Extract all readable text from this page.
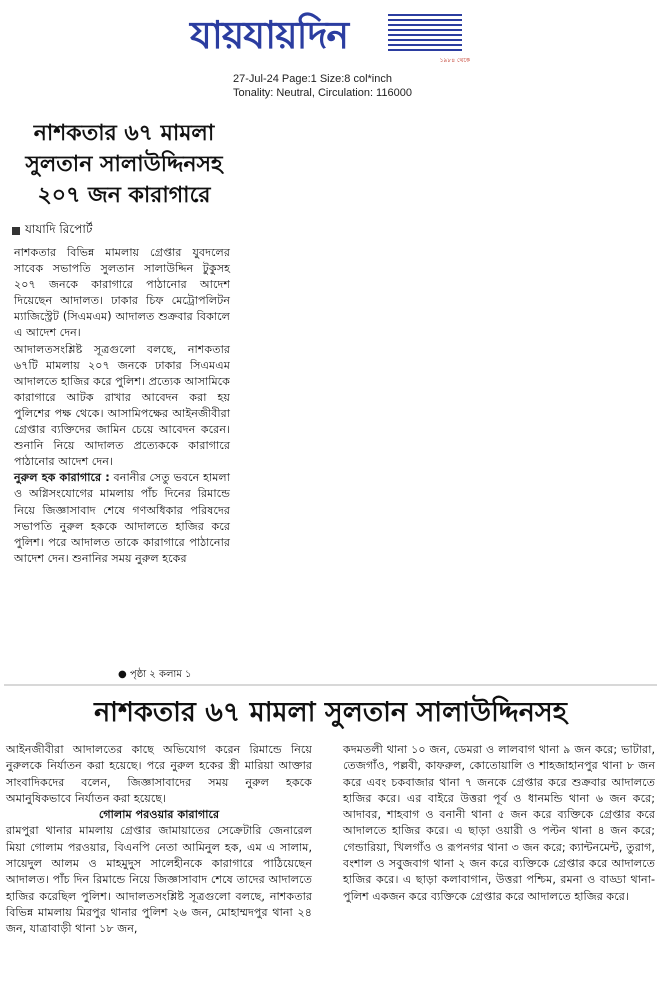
যায়যায়দিন
১৯৮৪ থেকে
27-Jul-24 Page:1 Size:8 col*inch
Tonality: Neutral, Circulation: 116000
নাশকতার ৬৭ মামলা
সুলতান সালাউদ্দিনসহ
২০৭ জন কারাগারে
যাযাদি রিপোর্ট

নাশকতার বিভিন্ন মামলায় গ্রেপ্তার যুবদলের সাবেক সভাপতি সুলতান সালাউদ্দিন টুকুসহ ২০৭ জনকে কারাগারে পাঠানোর আদেশ দিয়েছেন আদালত। ঢাকার চিফ মেট্রোপলিটন ম্যাজিস্ট্রেট (সিএমএম) আদালত শুক্রবার বিকালে এ আদেশ দেন।

আদালতসংশ্লিষ্ট সূত্রগুলো বলছে, নাশকতার ৬৭টি মামলায় ২০৭ জনকে ঢাকার সিএমএম আদালতে হাজির করে পুলিশ। প্রত্যেক আসামিকে কারাগারে আটক রাখার আবেদন করা হয় পুলিশের পক্ষ থেকে। আসামিপক্ষের আইনজীবীরা গ্রেপ্তার ব্যক্তিদের জামিন চেয়ে আবেদন করেন। শুনানি নিয়ে আদালত প্রত্যেককে কারাগারে পাঠানোর আদেশ দেন।

নুরুল হক কারাগারে : বনানীর সেতু ভবনে হামলা ও অগ্নিসংযোগের মামলায় পাঁচ দিনের রিমান্ডে নিয়ে জিজ্ঞাসাবাদ শেষে গণঅধিকার পরিষদের সভাপতি নুরুল হককে আদালতে হাজির করে পুলিশ। পরে আদালত তাকে কারাগারে পাঠানোর আদেশ দেন। শুনানির সময় নুরুল হকের

● পৃষ্ঠা ২ কলাম ১
নাশকতার ৬৭ মামলা সুলতান সালাউদ্দিনসহ

আইনজীবীরা আদালতের কাছে অভিযোগ করেন রিমান্ডে নিয়ে নুরুলকে নির্যাতন করা হয়েছে। পরে নুরুল হকের স্ত্রী মারিয়া আক্তার সাংবাদিকদের বলেন, জিজ্ঞাসাবাদের সময় নুরুল হককে অমানুষিকভাবে নির্যাতন করা হয়েছে।

গোলাম পরওয়ার কারাগারে

রামপুরা থানার মামলায় গ্রেপ্তার জামায়াতের সেক্রেটারি জেনারেল মিয়া গোলাম পরওয়ার, বিএনপি নেতা আমিনুল হক, এম এ সালাম, সায়েদুল আলম ও মাহমুদুস সালেহীনকে কারাগারে পাঠিয়েছেন আদালত। পাঁচ দিন রিমান্ডে নিয়ে জিজ্ঞাসাবাদ শেষে তাদের আদালতে হাজির করেছিল পুলিশ। আদালতসংশ্লিষ্ট সূত্রগুলো বলছে, নাশকতার বিভিন্ন মামলায় মিরপুর থানার পুলিশ ২৬ জন, মোহাম্মদপুর থানা ২৪ জন, যাত্রাবাড়ী থানা ১৮ জন,

কদমতলী থানা ১০ জন, ডেমরা ও লালবাগ থানা ৯ জন করে; ভাটারা, তেজগাঁও, পল্লবী, কাফরুল, কোতোয়ালি ও শাহজাহানপুর থানা ৮ জন করে এবং চকবাজার থানা ৭ জনকে গ্রেপ্তার করে শুক্রবার আদালতে হাজির করে। এর বাইরে উত্তরা পূর্ব ও ধানমন্ডি থানা ৬ জন করে; আদাবর, শাহবাগ ও বনানী থানা ৫ জন করে ব্যক্তিকে গ্রেপ্তার করে আদালতে হাজির করে। এ ছাড়া ওয়ারী ও পল্টন থানা ৪ জন করে; গেন্ডারিয়া, খিলগাঁও ও রূপনগর থানা ৩ জন করে; ক্যান্টনমেন্ট, তুরাগ, বংশাল ও সবুজবাগ থানা ২ জন করে ব্যক্তিকে গ্রেপ্তার করে আদালতে হাজির করে। এ ছাড়া কলাবাগান, উত্তরা পশ্চিম, রমনা ও বাড্ডা থানা-পুলিশ একজন করে ব্যক্তিকে গ্রেপ্তার করে আদালতে হাজির করে।
